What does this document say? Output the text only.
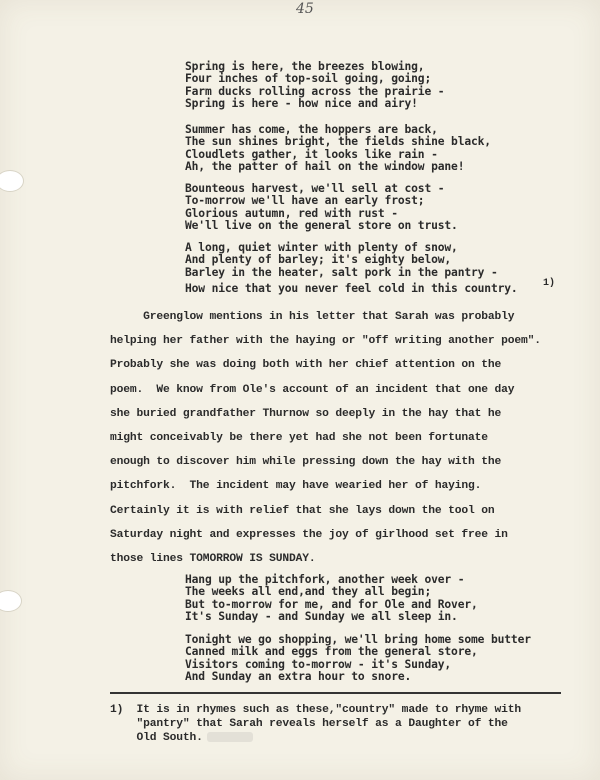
45
Spring is here, the breezes blowing,
Four inches of top-soil going, going;
Farm ducks rolling across the prairie -
Spring is here - how nice and airy!
Summer has come, the hoppers are back,
The sun shines bright, the fields shine black,
Cloudlets gather, it looks like rain -
Ah, the patter of hail on the window pane!
Bounteous harvest, we'll sell at cost -
To-morrow we'll have an early frost;
Glorious autumn, red with rust -
We'll live on the general store on trust.
A long, quiet winter with plenty of snow,
And plenty of barley; it's eighty below,
Barley in the heater, salt pork in the pantry -
How nice that you never feel cold in this country.	1)
Greenglow mentions in his letter that Sarah was probably
helping her father with the haying or "off writing another poem".
Probably she was doing both with her chief attention on the
poem.  We know from Ole's account of an incident that one day
she buried grandfather Thurnow so deeply in the hay that he
might conceivably be there yet had she not been fortunate
enough to discover him while pressing down the hay with the
pitchfork.  The incident may have wearied her of haying.
Certainly it is with relief that she lays down the tool on
Saturday night and expresses the joy of girlhood set free in
those lines TOMORROW IS SUNDAY.
Hang up the pitchfork, another week over -
The weeks all end,and they all begin;
But to-morrow for me, and for Ole and Rover,
It's Sunday - and Sunday we all sleep in.
Tonight we go shopping, we'll bring home some butter
Canned milk and eggs from the general store,
Visitors coming to-morrow - it's Sunday,
And Sunday an extra hour to snore.
1)  It is in rhymes such as these,"country" made to rhyme with
"pantry" that Sarah reveals herself as a Daughter of the
Old South.
